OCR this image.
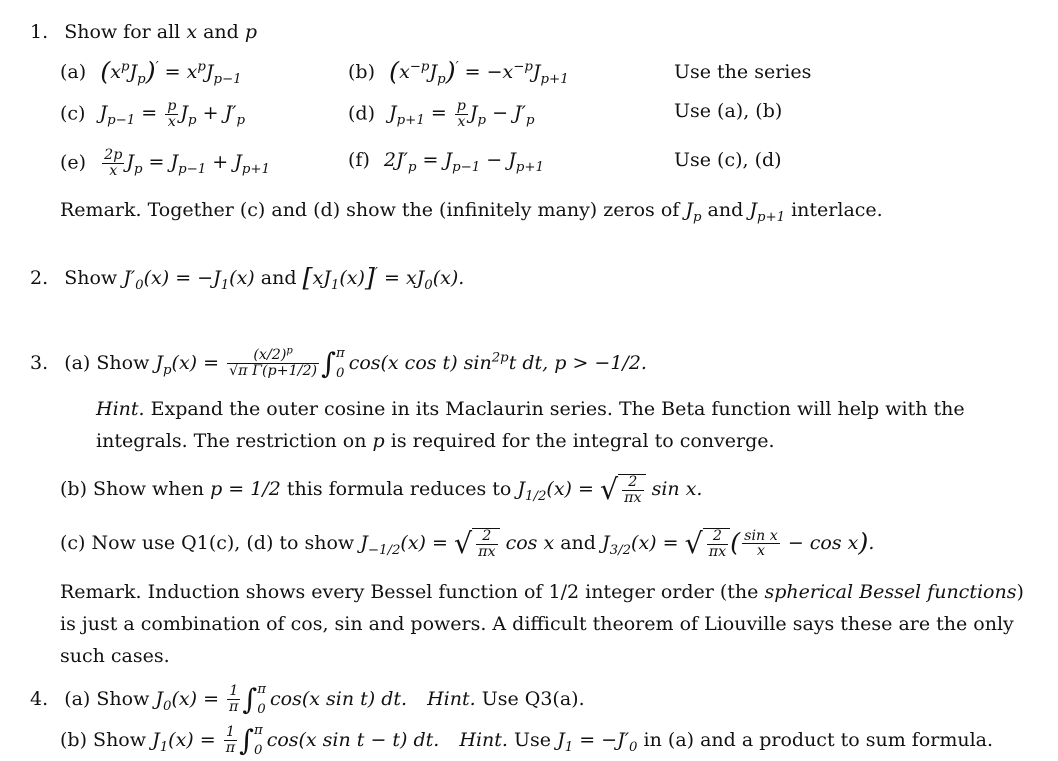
1. Show for all x and p
(a) $(x^pJ_p)' = x^pJ_{p-1}$	(b) $(x^{-p}J_p)' = -x^{-p}J_{p+1}$	Use the series
(c) $J_{p-1} = \frac{p}{x} J_p + J'_p$	(d) $J_{p+1} = \frac{p}{x} J_p - J'_p$	Use (a), (b)
$(e) \frac{2p}{x} J_p = J_{p-1} + J_{p+1}$	(f) $2J'_p = J_{p-1} - J_{p+1}$	Use (c), (d)
Remark. Together (c) and (d) show the (infinitely many) zeros of $J_p$ and $J_{p+1}$ interlace.
2. Show $J'_0(x) = -J_1(x)$ and $[xJ_1(x)]' = xJ_0(x)$.
3. (a) Show $J_p(x) = \frac{(x/2)^p}{\text{√π Γ(p+1/2)}}$ ∫ π
0 cos(x cos t) $\sin^{2p}t$ dt, p > −1/2.
Hint. Expand the outer cosine in its Maclaurin series. The Beta function will help with the integrals. The restriction on p is required for the integral to converge.
(b) Show when p = 1/2 this formula reduces to $J_{1/2}(x)$ = √ $\frac{2}{\pi x}$ sin x.
(c) Now use Q1(c), (d) to show $J_{-1/2}(x)$ = √ $\frac{2}{\pi x}$ cos x and $J_{3/2}(x)$ = √ $\frac{2}{\pi x}$ ( $\frac{\text{sin x}}{x} - \cos x$).
Remark. Induction shows every Bessel function of 1/2 integer order (the spherical Bessel functions) is just a combination of cos, sin and powers. A difficult theorem of Liouville says these are the only such cases.
4. (a) Show $J_0(x) = \frac{1}{\pi}$ ∫ π
0 cos(x sin t) dt. Hint. Use Q3(a).
(b) Show $J_1(x) = \frac{1}{\pi}$ ∫ π
0 cos(x sin t − t) dt. Hint. Use $J_1 = -J'_0$ in (a) and a product to sum formula.
